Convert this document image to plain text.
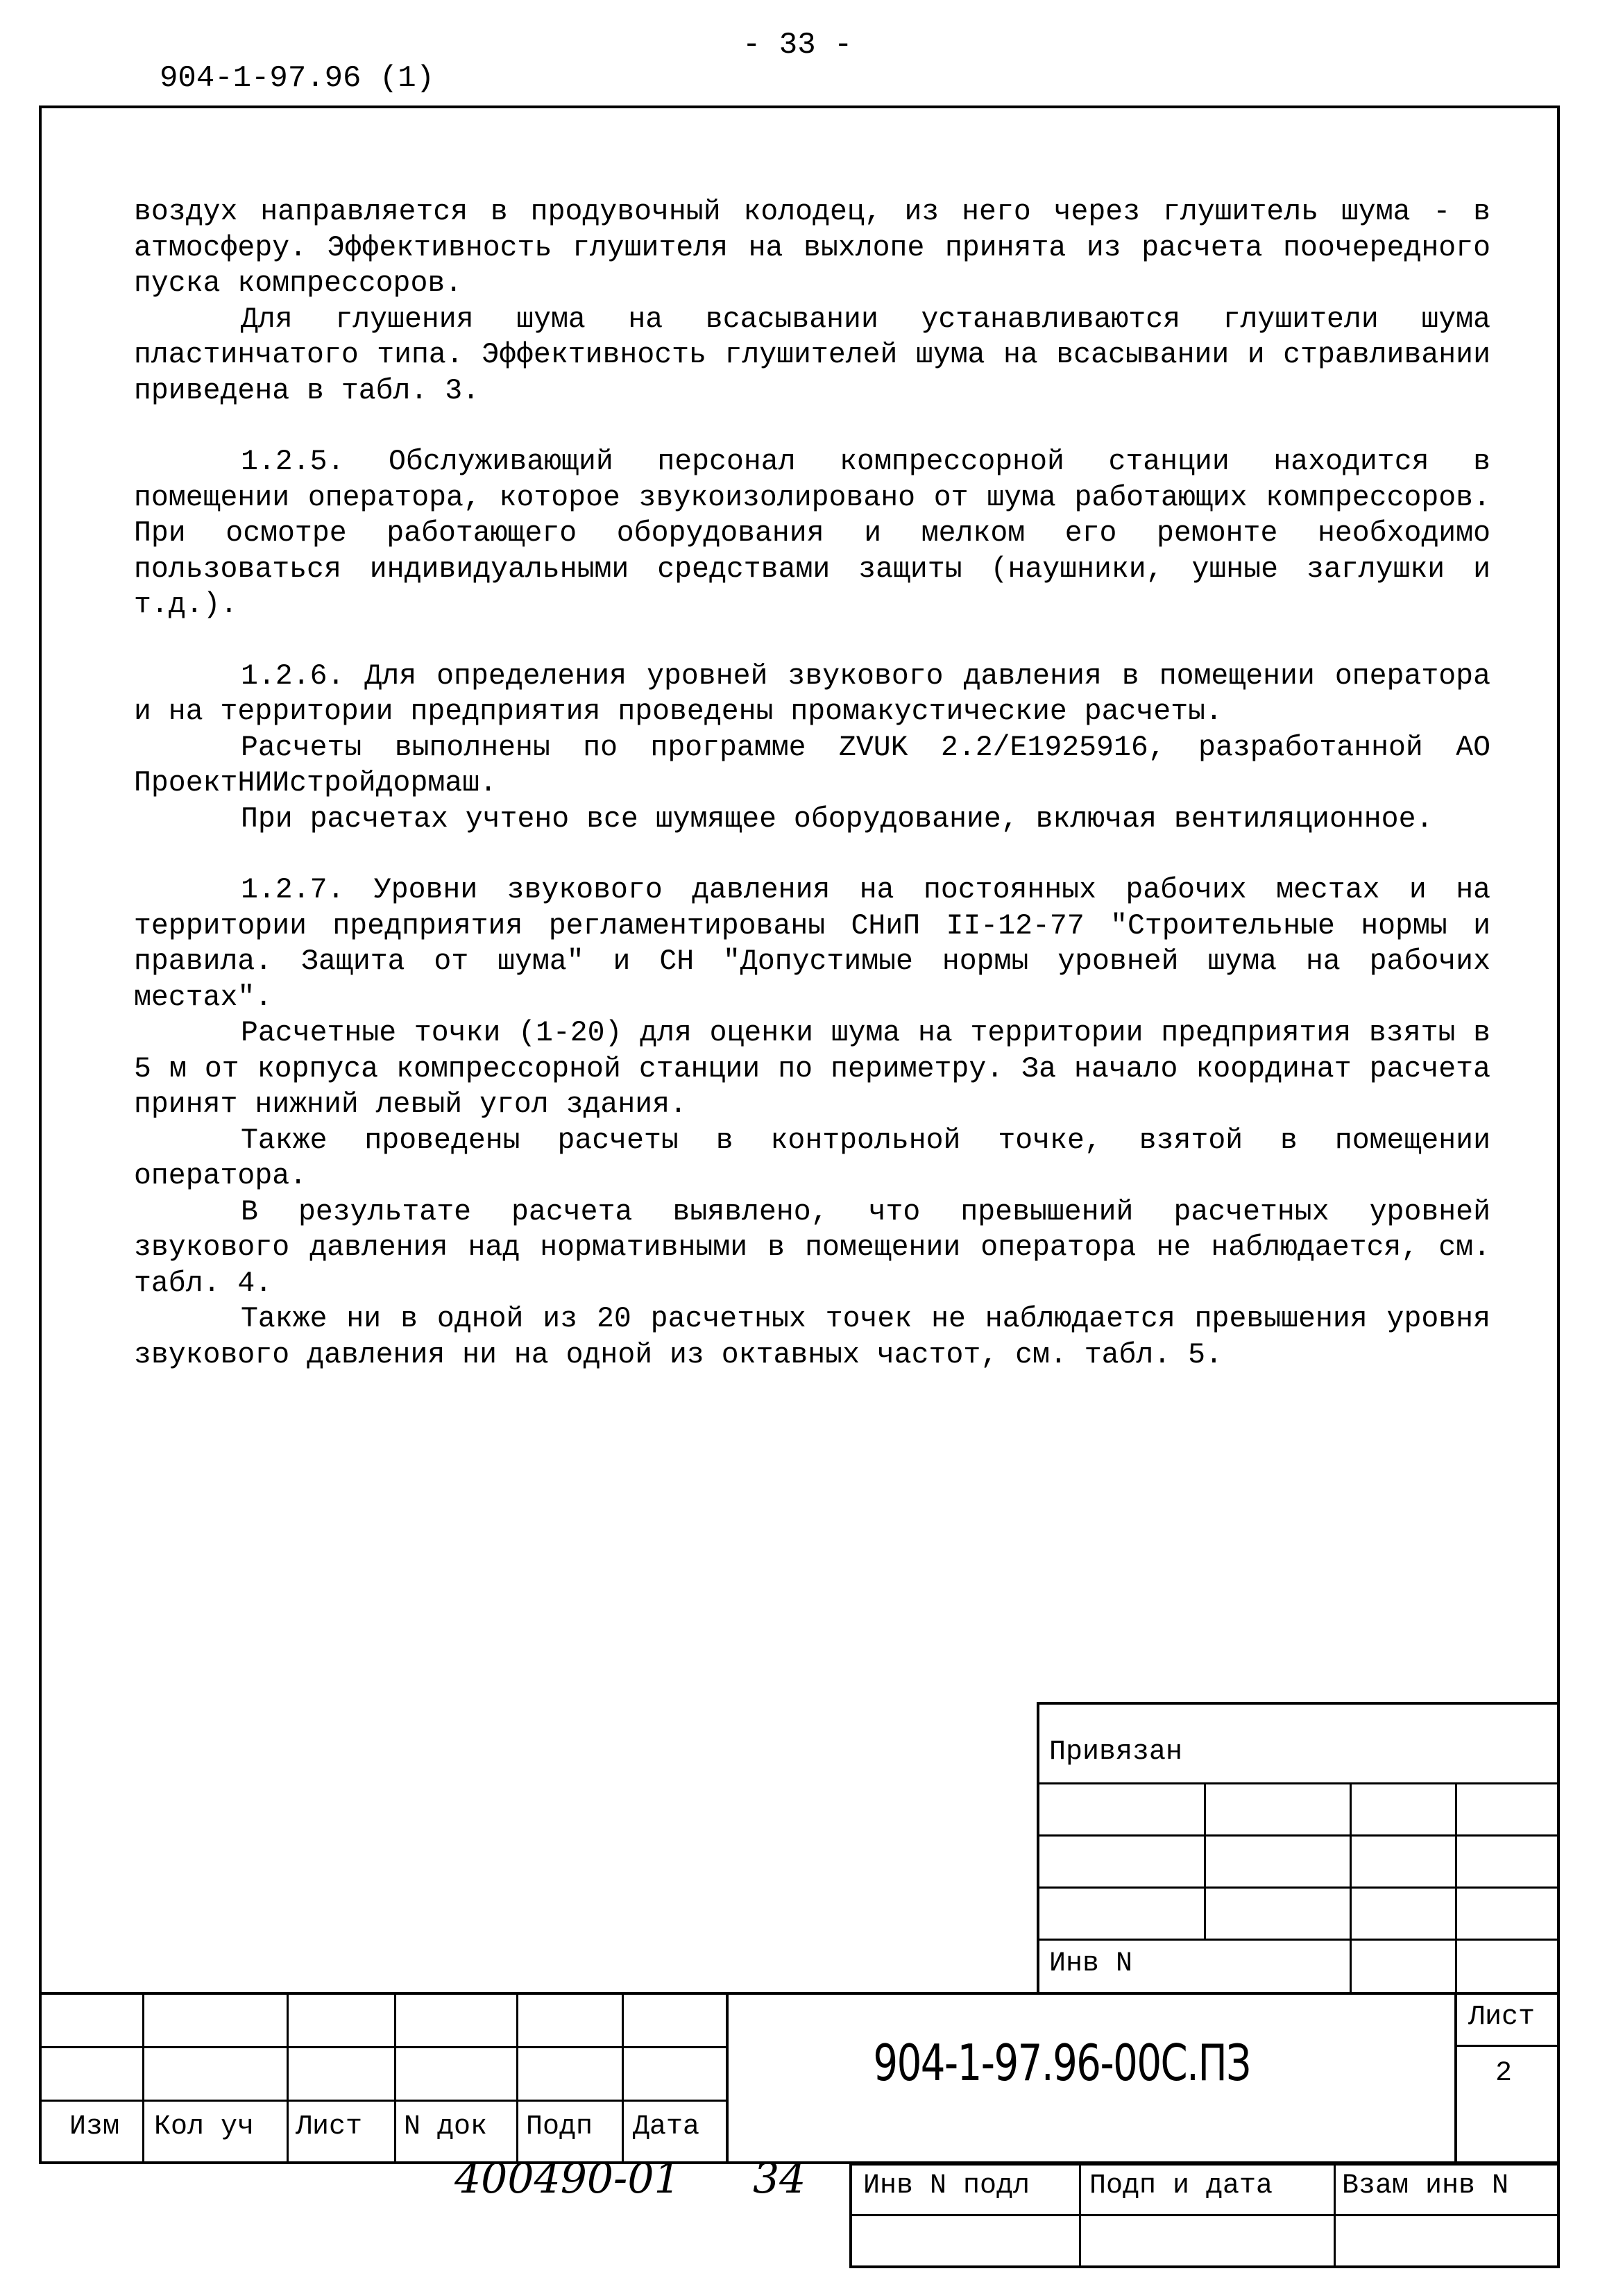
- 33 -
904-1-97.96 (1)

воздух направляется в продувочный колодец, из него через глушитель шума - в атмосферу. Эффективность глушителя на выхлопе принята из расчета поочередного пуска компрессоров.

Для глушения шума на всасывании устанавливаются глушители шума пластинчатого типа. Эффективность глушителей шума на всасывании и стравливании приведена в табл. 3.

1.2.5. Обслуживающий персонал компрессорной станции находится в помещении оператора, которое звукоизолировано от шума работающих компрессоров. При осмотре работающего оборудования и мелком его ремонте необходимо пользоваться индивидуальными средствами защиты (наушники, ушные заглушки и т.д.).

1.2.6. Для определения уровней звукового давления в помещении оператора и на территории предприятия проведены промакустические расчеты.

Расчеты выполнены по программе ZVUK 2.2/E1925916, разработанной АО ПроектНИИстройдормаш.

При расчетах учтено все шумящее оборудование, включая вентиляционное.

1.2.7. Уровни звукового давления на постоянных рабочих местах и на территории предприятия регламентированы СНиП II-12-77 "Строительные нормы и правила. Защита от шума" и СН "Допустимые нормы уровней шума на рабочих местах".

Расчетные точки (1-20) для оценки шума на территории предприятия взяты в 5 м от корпуса компрессорной станции по периметру. За начало координат расчета принят нижний левый угол здания.

Также проведены расчеты в контрольной точке, взятой в помещении оператора.

В результате расчета выявлено, что превышений расчетных уровней звукового давления над нормативными в помещении оператора не наблюдается, см. табл. 4.

Также ни в одной из 20 расчетных точек не наблюдается превышения уровня звукового давления ни на одной из октавных частот, см. табл. 5.

Привязан
Инв N
Лист
2
904-1-97.96-00С.ПЗ
Изм Кол уч Лист N док Подп Дата
Инв N подл Подп и дата Взам инв N
400490-01 34
